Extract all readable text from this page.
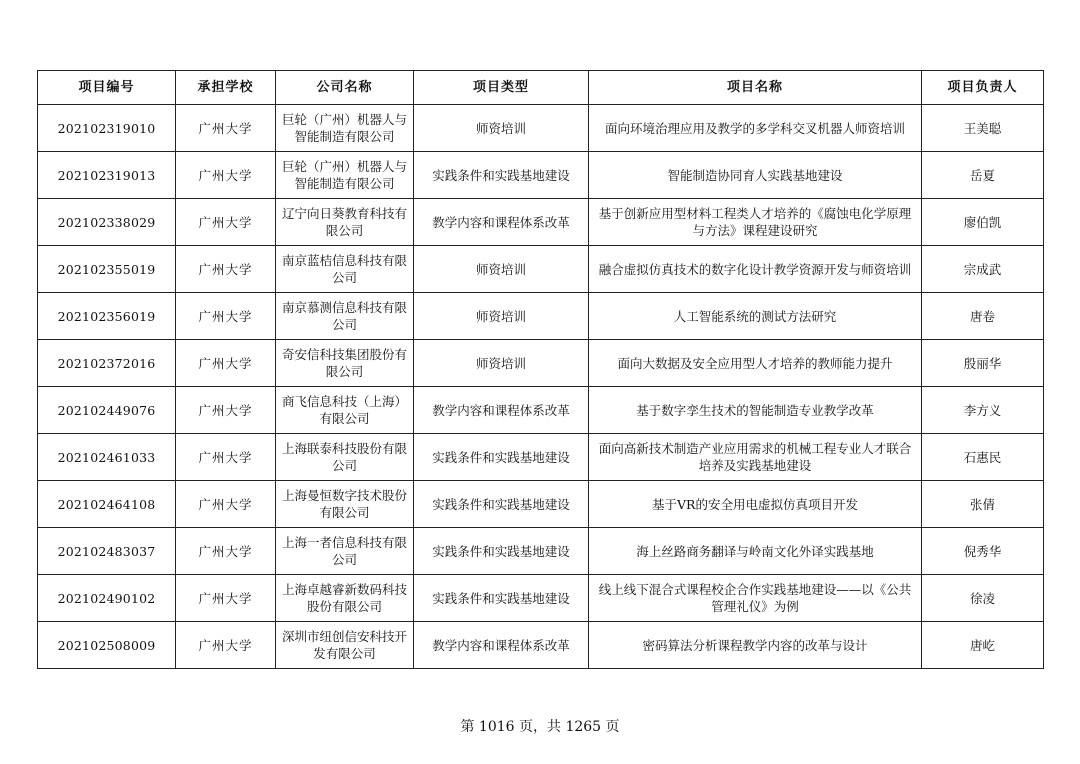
项目编号	承担学校	公司名称	项目类型	项目名称	项目负责人
202102319010	广州大学	巨轮（广州）机器人与智能制造有限公司	师资培训	面向环境治理应用及教学的多学科交叉机器人师资培训	王美聪
202102319013	广州大学	巨轮（广州）机器人与智能制造有限公司	实践条件和实践基地建设	智能制造协同育人实践基地建设	岳夏
202102338029	广州大学	辽宁向日葵教育科技有限公司	教学内容和课程体系改革	基于创新应用型材料工程类人才培养的《腐蚀电化学原理与方法》课程建设研究	廖伯凯
202102355019	广州大学	南京蓝桔信息科技有限公司	师资培训	融合虚拟仿真技术的数字化设计教学资源开发与师资培训	宗成武
202102356019	广州大学	南京慕测信息科技有限公司	师资培训	人工智能系统的测试方法研究	唐卷
202102372016	广州大学	奇安信科技集团股份有限公司	师资培训	面向大数据及安全应用型人才培养的教师能力提升	殷丽华
202102449076	广州大学	商飞信息科技（上海）有限公司	教学内容和课程体系改革	基于数字孪生技术的智能制造专业教学改革	李方义
202102461033	广州大学	上海联泰科技股份有限公司	实践条件和实践基地建设	面向高新技术制造产业应用需求的机械工程专业人才联合培养及实践基地建设	石惠民
202102464108	广州大学	上海曼恒数字技术股份有限公司	实践条件和实践基地建设	基于VR的安全用电虚拟仿真项目开发	张倩
202102483037	广州大学	上海一者信息科技有限公司	实践条件和实践基地建设	海上丝路商务翻译与岭南文化外译实践基地	倪秀华
202102490102	广州大学	上海卓越睿新数码科技股份有限公司	实践条件和实践基地建设	线上线下混合式课程校企合作实践基地建设——以《公共管理礼仪》为例	徐凌
202102508009	广州大学	深圳市纽创信安科技开发有限公司	教学内容和课程体系改革	密码算法分析课程教学内容的改革与设计	唐屹
第 1016 页，共 1265 页
